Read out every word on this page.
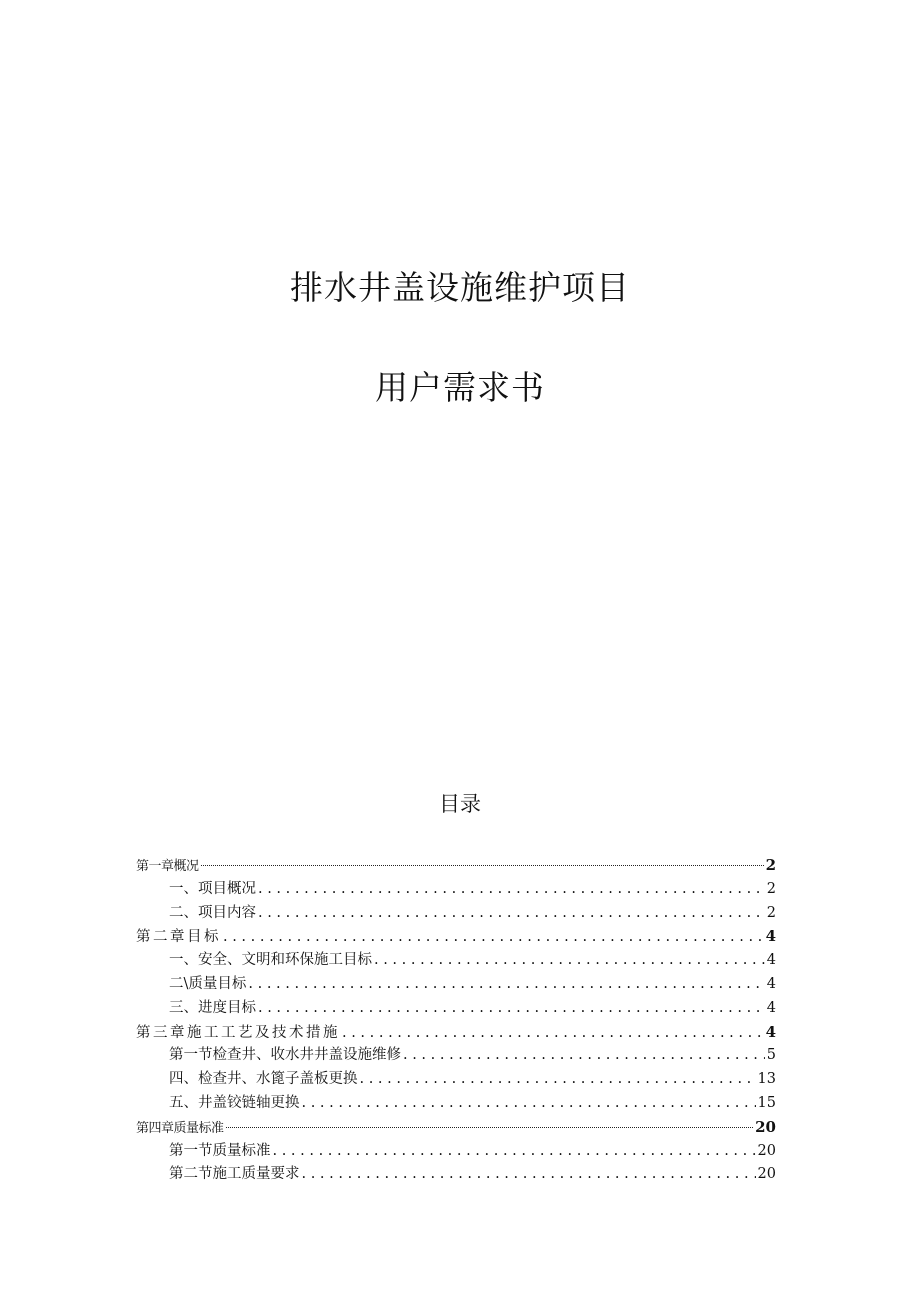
排水井盖设施维护项目
用户需求书
目录
第一章概况	2
一、项目概况 . . .	2
二、项目内容 . . .	2
第二章目标 . . .	4
一、安全、文明和环保施工目标 . . .	4
二\质量目标 . . .	4
三、进度目标 . . .	4
第三章施工工艺及技术措施 . . .	4
第一节检查井、收水井井盖设施维修 . . .	5
四、检查井、水篦子盖板更换 . . .	13
五、井盖铰链轴更换 . . .	15
第四章质量标准	20
第一节质量标准 . . .	20
第二节施工质量要求 . . .	20
